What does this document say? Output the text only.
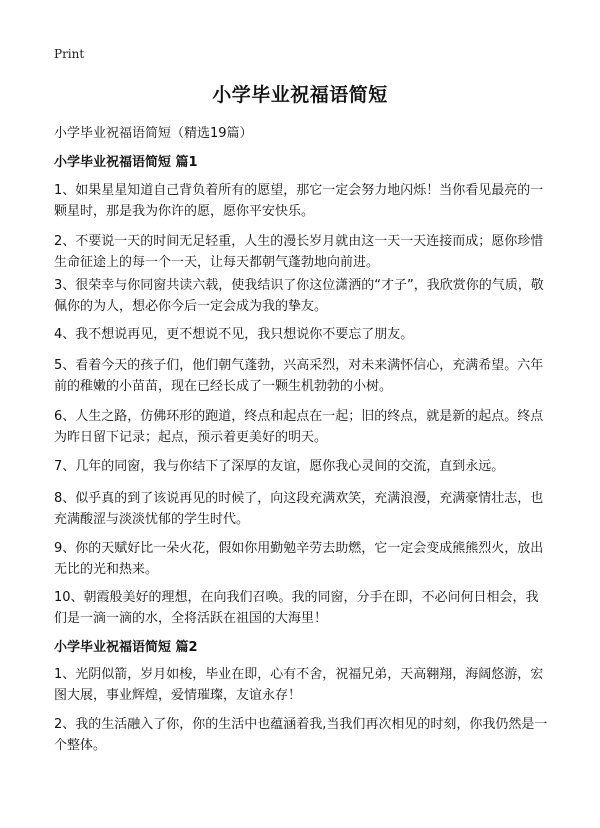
Print
小学毕业祝福语简短
小学毕业祝福语简短（精选19篇）
小学毕业祝福语简短 篇1
1、如果星星知道自己背负着所有的愿望，那它一定会努力地闪烁！当你看见最亮的一颗星时，那是我为你许的愿，愿你平安快乐。
2、不要说一天的时间无足轻重，人生的漫长岁月就由这一天一天连接而成；愿你珍惜生命征途上的每一个一天，让每天都朝气蓬勃地向前进。
3、很荣幸与你同窗共读六载，使我结识了你这位潇洒的“才子”，我欣赏你的气质，敬佩你的为人，想必你今后一定会成为我的挚友。
4、我不想说再见，更不想说不见，我只想说你不要忘了朋友。
5、看着今天的孩子们，他们朝气蓬勃，兴高采烈，对未来满怀信心，充满希望。六年前的稚嫩的小苗苗，现在已经长成了一颗生机勃勃的小树。
6、人生之路，仿佛环形的跑道，终点和起点在一起；旧的终点，就是新的起点。终点为昨日留下记录；起点，预示着更美好的明天。
7、几年的同窗，我与你结下了深厚的友谊，愿你我心灵间的交流，直到永远。
8、似乎真的到了该说再见的时候了，向这段充满欢笑，充满浪漫，充满豪情壮志，也充满酸涩与淡淡忧郁的学生时代。
9、你的天赋好比一朵火花，假如你用勤勉辛劳去助燃，它一定会变成熊熊烈火，放出无比的光和热来。
10、朝霞般美好的理想，在向我们召唤。我的同窗，分手在即，不必问何日相会，我们是一滴一滴的水，全将活跃在祖国的大海里！
小学毕业祝福语简短 篇2
1、光阴似箭，岁月如梭，毕业在即，心有不舍，祝福兄弟，天高翱翔，海阔悠游，宏图大展，事业辉煌，爱情璀璨，友谊永存！
2、我的生活融入了你，你的生活中也蕴涵着我,当我们再次相见的时刻，你我仍然是一个整体。
